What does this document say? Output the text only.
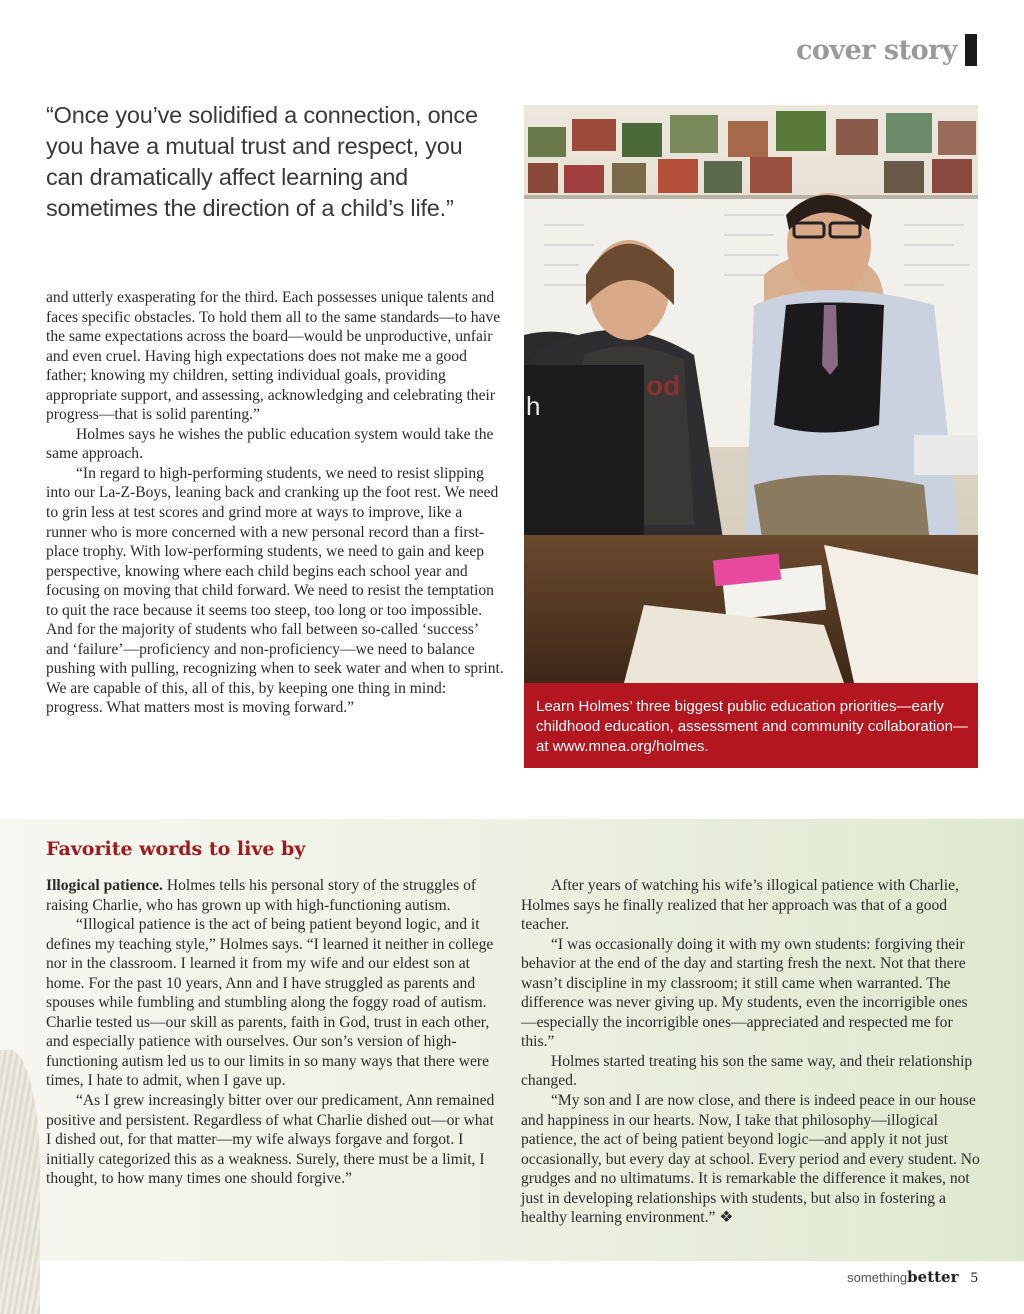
cover story
“Once you’ve solidified a connection, once you have a mutual trust and respect, you can dramatically affect learning and sometimes the direction of a child’s life.”

and utterly exasperating for the third. Each possesses unique talents and faces specific obstacles. To hold them all to the same standards—to have the same expectations across the board—would be unproductive, unfair and even cruel. Having high expectations does not make me a good father; knowing my children, setting individual goals, providing appropriate support, and assessing, acknowledging and celebrating their progress—that is solid parenting.”

Holmes says he wishes the public education system would take the same approach.

“In regard to high-performing students, we need to resist slipping into our La-Z-Boys, leaning back and cranking up the foot rest. We need to grin less at test scores and grind more at ways to improve, like a runner who is more concerned with a new personal record than a first-place trophy. With low-performing students, we need to gain and keep perspective, knowing where each child begins each school year and focusing on moving that child forward. We need to resist the temptation to quit the race because it seems too steep, too long or too impossible. And for the majority of students who fall between so-called ‘success’ and ‘failure’—proficiency and non-proficiency—we need to balance pushing with pulling, recognizing when to seek water and when to sprint. We are capable of this, all of this, by keeping one thing in mind: progress. What matters most is moving forward.”

od
h
Learn Holmes’ three biggest public education priorities—early childhood education, assessment and community collaboration—at www.mnea.org/holmes.
Favorite words to live by

Illogical patience. Holmes tells his personal story of the struggles of raising Charlie, who has grown up with high-functioning autism.

“Illogical patience is the act of being patient beyond logic, and it defines my teaching style,” Holmes says. “I learned it neither in college nor in the classroom. I learned it from my wife and our eldest son at home. For the past 10 years, Ann and I have struggled as parents and spouses while fumbling and stumbling along the foggy road of autism. Charlie tested us—our skill as parents, faith in God, trust in each other, and especially patience with ourselves. Our son’s version of high-functioning autism led us to our limits in so many ways that there were times, I hate to admit, when I gave up.

“As I grew increasingly bitter over our predicament, Ann remained positive and persistent. Regardless of what Charlie dished out—or what I dished out, for that matter—my wife always forgave and forgot. I initially categorized this as a weakness. Surely, there must be a limit, I thought, to how many times one should forgive.”

After years of watching his wife’s illogical patience with Charlie, Holmes says he finally realized that her approach was that of a good teacher.

“I was occasionally doing it with my own students: forgiving their behavior at the end of the day and starting fresh the next. Not that there wasn’t discipline in my classroom; it still came when warranted. The difference was never giving up. My students, even the incorrigible ones—especially the incorrigible ones—appreciated and respected me for this.”

Holmes started treating his son the same way, and their relationship changed.

“My son and I are now close, and there is indeed peace in our house and happiness in our hearts. Now, I take that philosophy—illogical patience, the act of being patient beyond logic—and apply it not just occasionally, but every day at school. Every period and every student. No grudges and no ultimatums. It is remarkable the difference it makes, not just in developing relationships with students, but also in fostering a healthy learning environment.” ❖

something better 5
